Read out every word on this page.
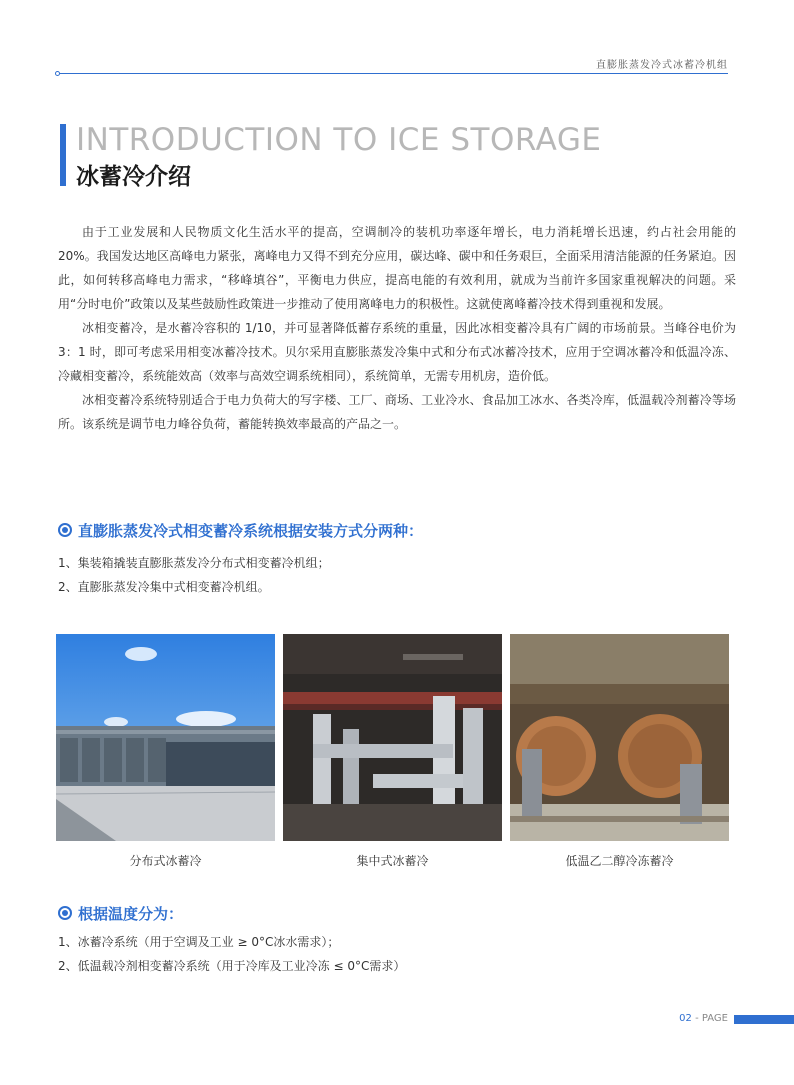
直膨胀蒸发冷式冰蓄冷机组
INTRODUCTION TO ICE STORAGE
冰蓄冷介绍

由于工业发展和人民物质文化生活水平的提高，空调制冷的装机功率逐年增长，电力消耗增长迅速，约占社会用能的 20%。我国发达地区高峰电力紧张，离峰电力又得不到充分应用，碳达峰、碳中和任务艰巨，全面采用清洁能源的任务紧迫。因此，如何转移高峰电力需求，“移峰填谷”，平衡电力供应，提高电能的有效利用，就成为当前许多国家重视解决的问题。采用“分时电价”政策以及某些鼓励性政策进一步推动了使用离峰电力的积极性。这就使离峰蓄冷技术得到重视和发展。

冰相变蓄冷，是水蓄冷容积的 1/10，并可显著降低蓄存系统的重量，因此冰相变蓄冷具有广阔的市场前景。当峰谷电价为 3：1 时，即可考虑采用相变冰蓄冷技术。贝尔采用直膨胀蒸发冷集中式和分布式冰蓄冷技术，应用于空调冰蓄冷和低温冷冻、冷藏相变蓄冷，系统能效高（效率与高效空调系统相同），系统简单，无需专用机房，造价低。

冰相变蓄冷系统特别适合于电力负荷大的写字楼、工厂、商场、工业冷水、食品加工冰水、各类冷库，低温载冷剂蓄冷等场所。该系统是调节电力峰谷负荷，蓄能转换效率最高的产品之一。

直膨胀蒸发冷式相变蓄冷系统根据安装方式分两种：
1、集装箱撬装直膨胀蒸发冷分布式相变蓄冷机组；
2、直膨胀蒸发冷集中式相变蓄冷机组。
分布式冰蓄冷	集中式冰蓄冷	低温乙二醇冷冻蓄冷
根据温度分为：
1、冰蓄冷系统（用于空调及工业 ≥ 0°C冰水需求）；
2、低温载冷剂相变蓄冷系统（用于冷库及工业冷冻 ≤ 0°C需求）
02 - PAGE
